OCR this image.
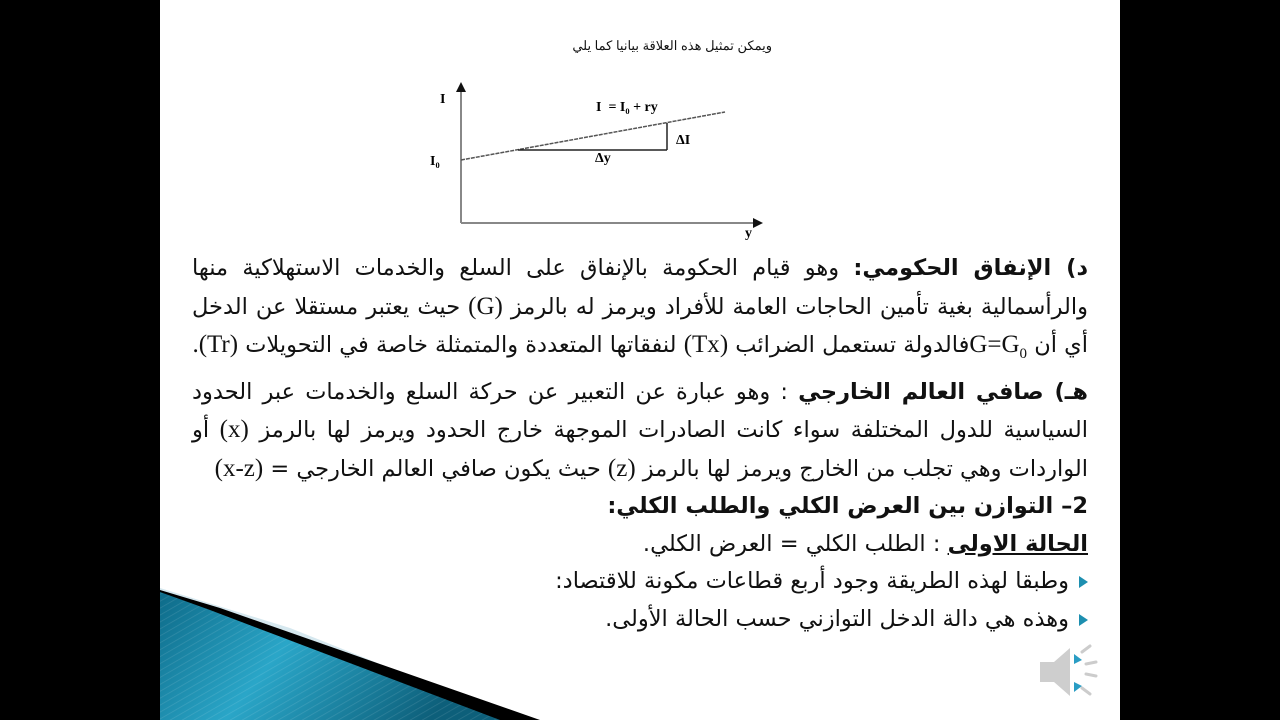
ويمكن تمثيل هذه العلاقة بيانيا كما يلي
I
I₀
I  = I₀ + ry
ΔI
Δy
y

د) الإنفاق الحكومي: وهو قيام الحكومة بالإنفاق على السلع والخدمات الاستهلاكية منها والرأسمالية بغية تأمين الحاجات العامة للأفراد ويرمز له بالرمز (G) حيث يعتبر مستقلا عن الدخل أي أن $G=G_0فالدولة$ تستعمل الضرائب (Tx) لنفقاتها المتعددة والمتمثلة خاصة في التحويلات (Tr).

هـ) صافي العالم الخارجي : وهو عبارة عن التعبير عن حركة السلع والخدمات عبر الحدود السياسية للدول المختلفة سواء كانت الصادرات الموجهة خارج الحدود ويرمز لها بالرمز (x) أو الواردات وهي تجلب من الخارج ويرمز لها بالرمز (z) حيث يكون صافي العالم الخارجي = (x-z)

2– التوازن بين العرض الكلي والطلب الكلي:

الحالة الاولى : الطلب الكلي = العرض الكلي.

وطبقا لهذه الطريقة وجود أربع قطاعات مكونة للاقتصاد:

وهذه هي دالة الدخل التوازني حسب الحالة الأولى.
